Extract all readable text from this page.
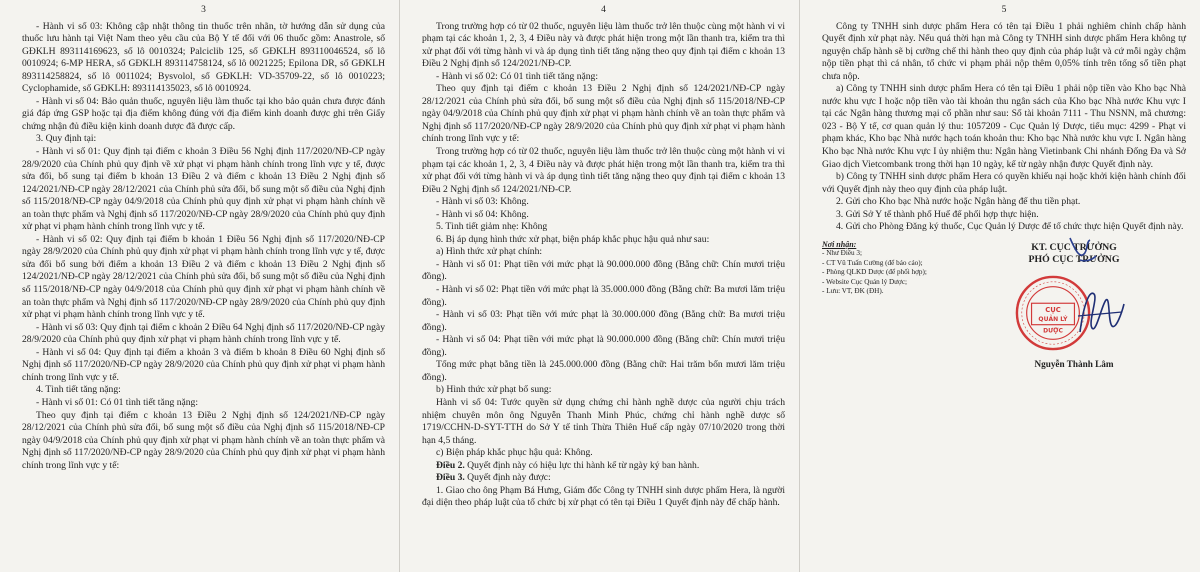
3

- Hành vi số 03: Không cập nhật thông tin thuốc trên nhãn, tờ hướng dẫn sử dụng của thuốc lưu hành tại Việt Nam theo yêu cầu của Bộ Y tế đối với 06 thuốc gồm: Anastrole, số GĐKLH 893114169623, số lô 0010324; Palciclib 125, số GĐKLH 893110046524, số lô 0010924; 6-MP HERA, số GĐKLH 893114758124, số lô 0021225; Epilona DR, số GĐKLH 893114258824, số lô 0011024; Bysvolol, số GĐKLH: VD-35709-22, số lô 0010223; Cyclophamide, số GĐKLH: 893114135023, số lô 0010924.

- Hành vi số 04: Bảo quản thuốc, nguyên liệu làm thuốc tại kho bảo quản chưa được đánh giá đáp ứng GSP hoặc tại địa điểm không đúng với địa điểm kinh doanh được ghi trên Giấy chứng nhận đủ điều kiện kinh doanh dược đã được cấp.

3. Quy định tại:

- Hành vi số 01: Quy định tại điểm c khoản 3 Điều 56 Nghị định 117/2020/NĐ-CP ngày 28/9/2020 của Chính phủ quy định về xử phạt vi phạm hành chính trong lĩnh vực y tế, được sửa đổi, bổ sung tại điểm b khoản 13 Điều 2 và điểm c khoản 13 Điều 2 Nghị định số 124/2021/NĐ-CP ngày 28/12/2021 của Chính phủ sửa đổi, bổ sung một số điều của Nghị định số 115/2018/NĐ-CP ngày 04/9/2018 của Chính phủ quy định xử phạt vi phạm hành chính về an toàn thực phẩm và Nghị định số 117/2020/NĐ-CP ngày 28/9/2020 của Chính phủ quy định xử phạt vi phạm hành chính trong lĩnh vực y tế.

- Hành vi số 02: Quy định tại điểm b khoản 1 Điều 56 Nghị định số 117/2020/NĐ-CP ngày 28/9/2020 của Chính phủ quy định xử phạt vi phạm hành chính trong lĩnh vực y tế, được sửa đổi bổ sung bởi điểm a khoản 13 Điều 2 và điểm c khoản 13 Điều 2 Nghị định số 124/2021/NĐ-CP ngày 28/12/2021 của Chính phủ sửa đổi, bổ sung một số điều của Nghị định số 115/2018/NĐ-CP ngày 04/9/2018 của Chính phủ quy định xử phạt vi phạm hành chính về an toàn thực phẩm và Nghị định số 117/2020/NĐ-CP ngày 28/9/2020 của Chính phủ quy định xử phạt vi phạm hành chính trong lĩnh vực y tế.

- Hành vi số 03: Quy định tại điểm c khoản 2 Điều 64 Nghị định số 117/2020/NĐ-CP ngày 28/9/2020 của Chính phủ quy định xử phạt vi phạm hành chính trong lĩnh vực y tế.

- Hành vi số 04: Quy định tại điểm a khoản 3 và điểm b khoản 8 Điều 60 Nghị định số Nghị định số 117/2020/NĐ-CP ngày 28/9/2020 của Chính phủ quy định xử phạt vi phạm hành chính trong lĩnh vực y tế.

4. Tình tiết tăng nặng:

- Hành vi số 01: Có 01 tình tiết tăng nặng:

Theo quy định tại điểm c khoản 13 Điều 2 Nghị định số 124/2021/NĐ-CP ngày 28/12/2021 của Chính phủ sửa đổi, bổ sung một số điều của Nghị định số 115/2018/NĐ-CP ngày 04/9/2018 của Chính phủ quy định xử phạt vi phạm hành chính về an toàn thực phẩm và Nghị định số 117/2020/NĐ-CP ngày 28/9/2020 của Chính phủ quy định xử phạt vi phạm hành chính trong lĩnh vực y tế:

4

Trong trường hợp có từ 02 thuốc, nguyên liệu làm thuốc trở lên thuộc cùng một hành vi vi phạm tại các khoản 1, 2, 3, 4 Điều này và được phát hiện trong một lần thanh tra, kiểm tra thì xử phạt đối với từng hành vi và áp dụng tình tiết tăng nặng theo quy định tại điểm c khoản 13 Điều 2 Nghị định số 124/2021/NĐ-CP.

- Hành vi số 02: Có 01 tình tiết tăng nặng:

Theo quy định tại điểm c khoản 13 Điều 2 Nghị định số 124/2021/NĐ-CP ngày 28/12/2021 của Chính phủ sửa đổi, bổ sung một số điều của Nghị định số 115/2018/NĐ-CP ngày 04/9/2018 của Chính phủ quy định xử phạt vi phạm hành chính về an toàn thực phẩm và Nghị định số 117/2020/NĐ-CP ngày 28/9/2020 của Chính phủ quy định xử phạt vi phạm hành chính trong lĩnh vực y tế:

Trong trường hợp có từ 02 thuốc, nguyên liệu làm thuốc trở lên thuộc cùng một hành vi vi phạm tại các khoản 1, 2, 3, 4 Điều này và được phát hiện trong một lần thanh tra, kiểm tra thì xử phạt đối với từng hành vi và áp dụng tình tiết tăng nặng theo quy định tại điểm c khoản 13 Điều 2 Nghị định số 124/2021/NĐ-CP.

- Hành vi số 03: Không.

- Hành vi số 04: Không.

5. Tình tiết giảm nhẹ: Không

6. Bị áp dụng hình thức xử phạt, biện pháp khắc phục hậu quả như sau:

a) Hình thức xử phạt chính:

- Hành vi số 01: Phạt tiền với mức phạt là 90.000.000 đồng (Bằng chữ: Chín mươi triệu đồng).

- Hành vi số 02: Phạt tiền với mức phạt là 35.000.000 đồng (Bằng chữ: Ba mươi lăm triệu đồng).

- Hành vi số 03: Phạt tiền với mức phạt là 30.000.000 đồng (Bằng chữ: Ba mươi triệu đồng).

- Hành vi số 04: Phạt tiền với mức phạt là 90.000.000 đồng (Bằng chữ: Chín mươi triệu đồng).

Tổng mức phạt bằng tiền là 245.000.000 đồng (Bằng chữ: Hai trăm bốn mươi lăm triệu đồng).

b) Hình thức xử phạt bổ sung:

Hành vi số 04: Tước quyền sử dụng chứng chỉ hành nghề dược của người chịu trách nhiệm chuyên môn ông Nguyễn Thanh Minh Phúc, chứng chỉ hành nghề dược số 1719/CCHN-D-SYT-TTH do Sở Y tế tỉnh Thừa Thiên Huế cấp ngày 07/10/2020 trong thời hạn 4,5 tháng.

c) Biện pháp khắc phục hậu quả: Không.

Điều 2. Quyết định này có hiệu lực thi hành kể từ ngày ký ban hành.

Điều 3. Quyết định này được:

1. Giao cho ông Phạm Bá Hưng, Giám đốc Công ty TNHH sinh dược phẩm Hera, là người đại diện theo pháp luật của tổ chức bị xử phạt có tên tại Điều 1 Quyết định này để chấp hành.

5

Công ty TNHH sinh dược phẩm Hera có tên tại Điều 1 phải nghiêm chỉnh chấp hành Quyết định xử phạt này. Nếu quá thời hạn mà Công ty TNHH sinh dược phẩm Hera không tự nguyện chấp hành sẽ bị cưỡng chế thi hành theo quy định của pháp luật và cứ mỗi ngày chậm nộp tiền phạt thì cá nhân, tổ chức vi phạm phải nộp thêm 0,05% tính trên tổng số tiền phạt chưa nộp.

a) Công ty TNHH sinh dược phẩm Hera có tên tại Điều 1 phải nộp tiền vào Kho bạc Nhà nước khu vực I hoặc nộp tiền vào tài khoản thu ngân sách của Kho bạc Nhà nước Khu vực I tại các Ngân hàng thương mại cổ phần như sau: Số tài khoản 7111 - Thu NSNN, mã chương: 023 - Bộ Y tế, cơ quan quản lý thu: 1057209 - Cục Quản lý Dược, tiểu mục: 4299 - Phạt vi phạm khác, Kho bạc Nhà nước hạch toán khoản thu: Kho bạc Nhà nước khu vực I. Ngân hàng Kho bạc Nhà nước Khu vực I ủy nhiệm thu: Ngân hàng Vietinbank Chi nhánh Đống Đa và Sở Giao dịch Vietcombank trong thời hạn 10 ngày, kể từ ngày nhận được Quyết định này.

b) Công ty TNHH sinh dược phẩm Hera có quyền khiếu nại hoặc khởi kiện hành chính đối với Quyết định này theo quy định của pháp luật.

2. Gửi cho Kho bạc Nhà nước hoặc Ngân hàng để thu tiền phạt.

3. Gửi Sở Y tế thành phố Huế để phối hợp thực hiện.

4. Gửi cho Phòng Đăng ký thuốc, Cục Quản lý Dược để tổ chức thực hiện Quyết định này.

Nơi nhận:
- Như Điều 3;
- CT Vũ Tuấn Cường (để báo cáo);
- Phòng QLKD Dược (để phối hợp);
- Website Cục Quản lý Dược;
- Lưu: VT, ĐK (ĐH).
KT. CỤC TRƯỞNG
PHÓ CỤC TRƯỞNG
CỤC
QUẢN LÝ
DƯỢC
Nguyễn Thành Lâm
